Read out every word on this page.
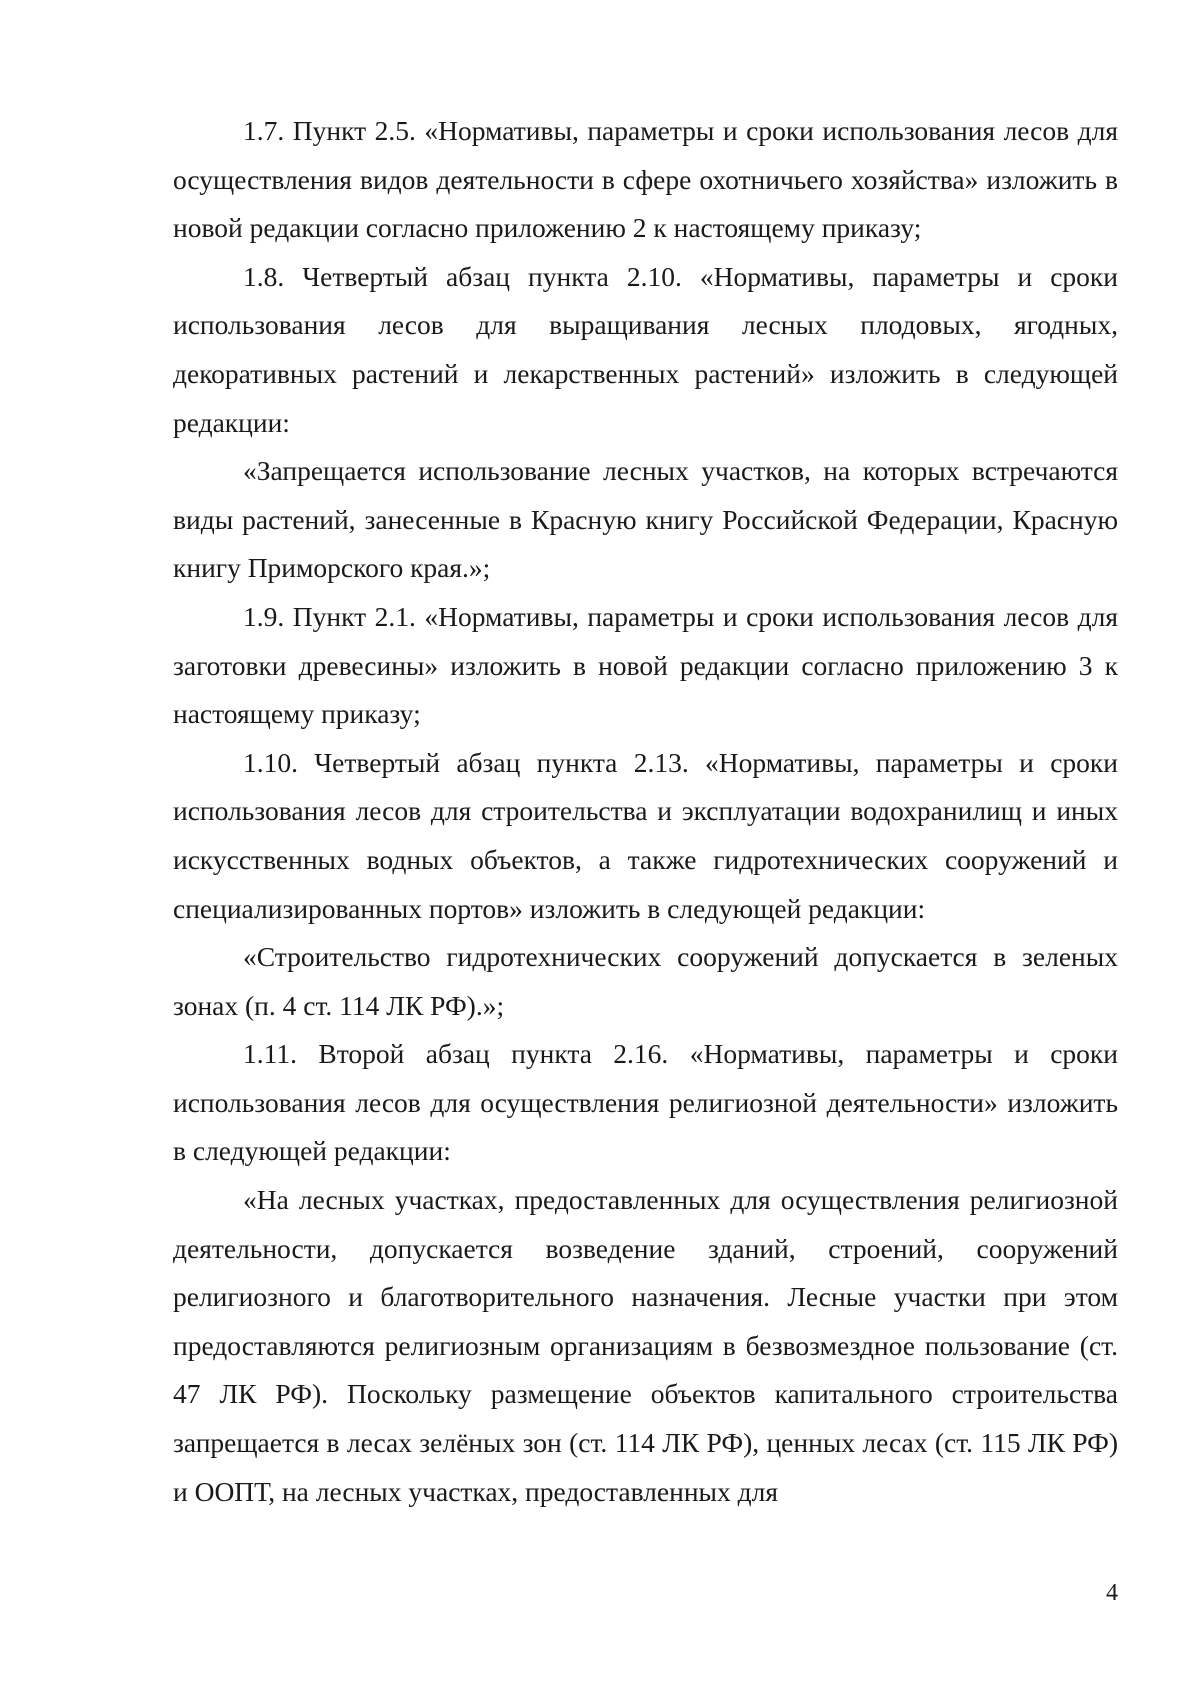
1.7. Пункт 2.5. «Нормативы, параметры и сроки использования лесов для осуществления видов деятельности в сфере охотничьего хозяйства» изложить в новой редакции согласно приложению 2 к настоящему приказу;

1.8. Четвертый абзац пункта 2.10. «Нормативы, параметры и сроки использования лесов для выращивания лесных плодовых, ягодных, декоративных растений и лекарственных растений» изложить в следующей редакции:

«Запрещается использование лесных участков, на которых встречаются виды растений, занесенные в Красную книгу Российской Федерации, Красную книгу Приморского края.»;

1.9. Пункт 2.1. «Нормативы, параметры и сроки использования лесов для заготовки древесины» изложить в новой редакции согласно приложению 3 к настоящему приказу;

1.10. Четвертый абзац пункта 2.13. «Нормативы, параметры и сроки использования лесов для строительства и эксплуатации водохранилищ и иных искусственных водных объектов, а также гидротехнических сооружений и специализированных портов» изложить в следующей редакции:

«Строительство гидротехнических сооружений допускается в зеленых зонах (п. 4 ст. 114 ЛК РФ).»;

1.11. Второй абзац пункта 2.16. «Нормативы, параметры и сроки использования лесов для осуществления религиозной деятельности» изложить в следующей редакции:

«На лесных участках, предоставленных для осуществления религиозной деятельности, допускается возведение зданий, строений, сооружений религиозного и благотворительного назначения. Лесные участки при этом предоставляются религиозным организациям в безвозмездное пользование (ст. 47 ЛК РФ). Поскольку размещение объектов капитального строительства запрещается в лесах зелёных зон (ст. 114 ЛК РФ), ценных лесах (ст. 115 ЛК РФ) и ООПТ, на лесных участках, предоставленных для

4
